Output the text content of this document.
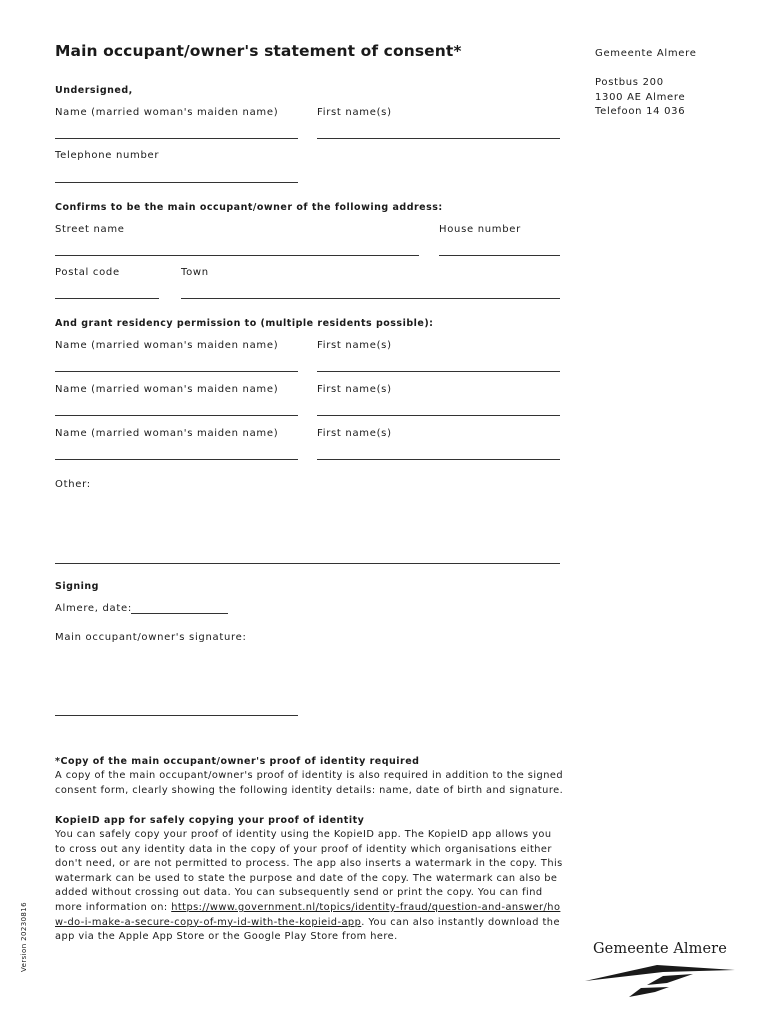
Main occupant/owner's statement of consent*	Gemeente Almere
Postbus 200
1300 AE Almere
Telefoon 14 036
Undersigned,
Name (married woman's maiden name)	First name(s)
Telephone number
Confirms to be the main occupant/owner of the following address:
Street name	House number
Postal code	Town
And grant residency permission to (multiple residents possible):
Name (married woman's maiden name)	First name(s)
Name (married woman's maiden name)	First name(s)
Name (married woman's maiden name)	First name(s)
Other:
Signing
Almere, date:
Main occupant/owner's signature:
*Copy of the main occupant/owner's proof of identity required
A copy of the main occupant/owner's proof of identity is also required in addition to the signed consent form, clearly showing the following identity details: name, date of birth and signature.
KopieID app for safely copying your proof of identity
You can safely copy your proof of identity using the KopieID app. The KopieID app allows you to cross out any identity data in the copy of your proof of identity which organisations either don't need, or are not permitted to process. The app also inserts a watermark in the copy. This watermark can be used to state the purpose and date of the copy. The watermark can also be added without crossing out data. You can subsequently send or print the copy. You can find more information on: https://www.government.nl/topics/identity-fraud/question-and-answer/how-do-i-make-a-secure-copy-of-my-id-with-the-kopieid-app. You can also instantly download the app via the Apple App Store or the Google Play Store from here.
Version 20230816	Gemeente Almere
